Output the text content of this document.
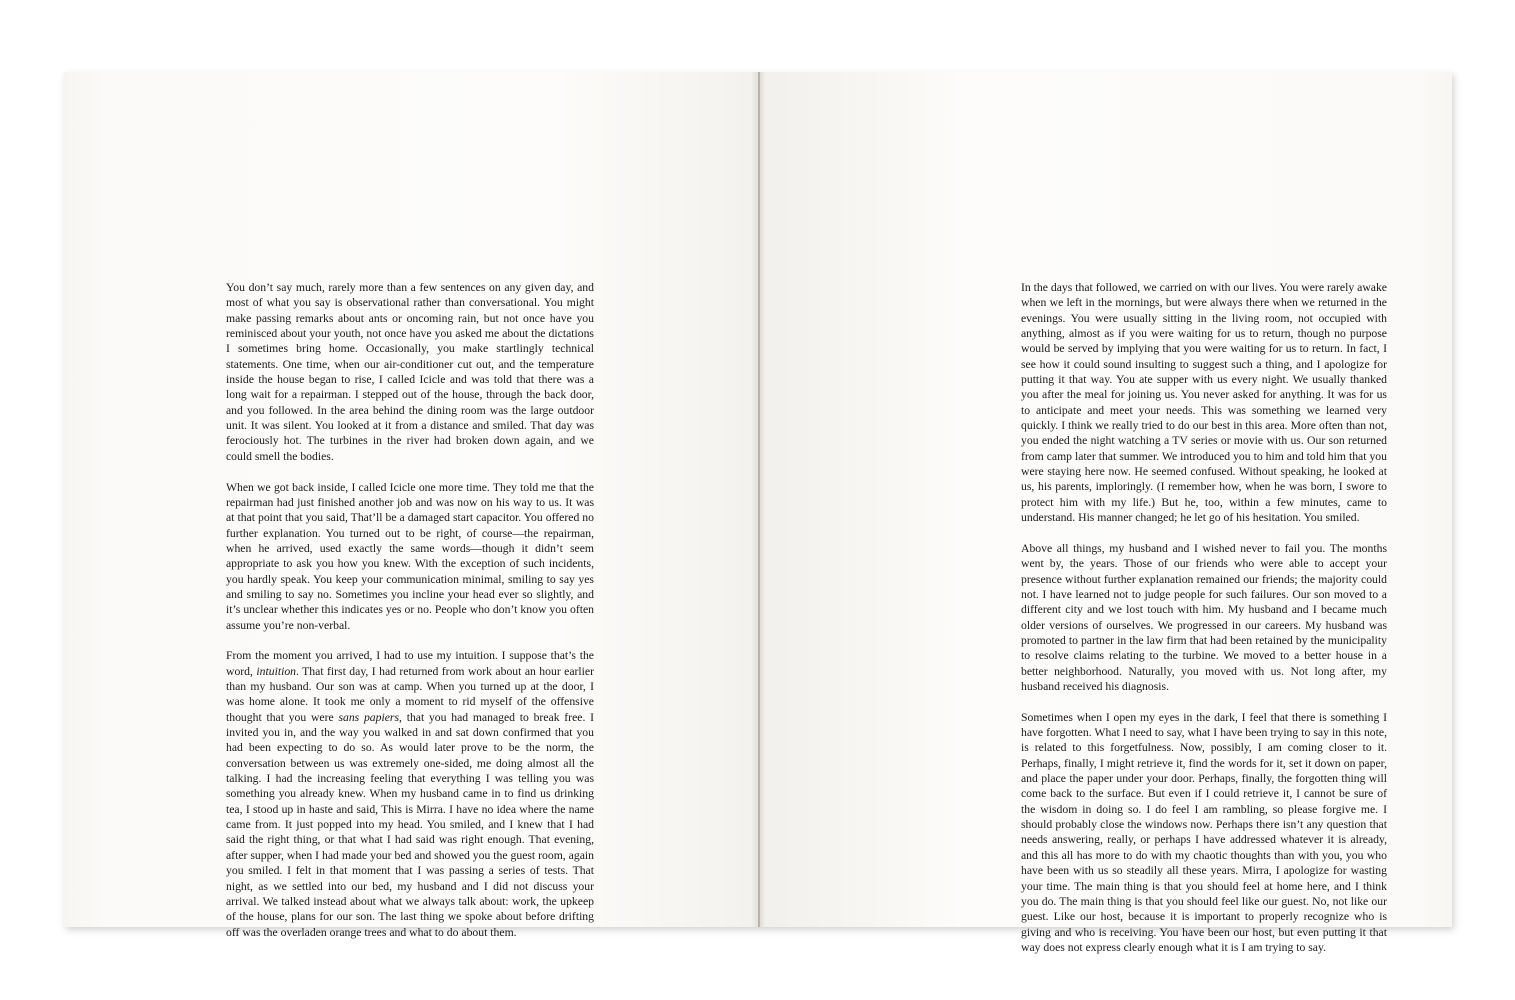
You don’t say much, rarely more than a few sentences on any given day, and most of what you say is observational rather than conversational. You might make passing remarks about ants or oncoming rain, but not once have you reminisced about your youth, not once have you asked me about the dictations I sometimes bring home. Occasionally, you make startlingly technical statements. One time, when our air-conditioner cut out, and the temperature inside the house began to rise, I called Icicle and was told that there was a long wait for a repairman. I stepped out of the house, through the back door, and you followed. In the area behind the dining room was the large outdoor unit. It was silent. You looked at it from a distance and smiled. That day was ferociously hot. The turbines in the river had broken down again, and we could smell the bodies.

When we got back inside, I called Icicle one more time. They told me that the repairman had just finished another job and was now on his way to us. It was at that point that you said, That’ll be a damaged start capacitor. You offered no further explanation. You turned out to be right, of course—the repairman, when he arrived, used exactly the same words—though it didn’t seem appropriate to ask you how you knew. With the exception of such incidents, you hardly speak. You keep your communication minimal, smiling to say yes and smiling to say no. Sometimes you incline your head ever so slightly, and it’s unclear whether this indicates yes or no. People who don’t know you often assume you’re non-verbal.

From the moment you arrived, I had to use my intuition. I suppose that’s the word, intuition. That first day, I had returned from work about an hour earlier than my husband. Our son was at camp. When you turned up at the door, I was home alone. It took me only a moment to rid myself of the offensive thought that you were sans papiers, that you had managed to break free. I invited you in, and the way you walked in and sat down confirmed that you had been expecting to do so. As would later prove to be the norm, the conversation between us was extremely one-sided, me doing almost all the talking. I had the increasing feeling that everything I was telling you was something you already knew. When my husband came in to find us drinking tea, I stood up in haste and said, This is Mirra. I have no idea where the name came from. It just popped into my head. You smiled, and I knew that I had said the right thing, or that what I had said was right enough. That evening, after supper, when I had made your bed and showed you the guest room, again you smiled. I felt in that moment that I was passing a series of tests. That night, as we settled into our bed, my husband and I did not discuss your arrival. We talked instead about what we always talk about: work, the upkeep of the house, plans for our son. The last thing we spoke about before drifting off was the overladen orange trees and what to do about them.

In the days that followed, we carried on with our lives. You were rarely awake when we left in the mornings, but were always there when we returned in the evenings. You were usually sitting in the living room, not occupied with anything, almost as if you were waiting for us to return, though no purpose would be served by implying that you were waiting for us to return. In fact, I see how it could sound insulting to suggest such a thing, and I apologize for putting it that way. You ate supper with us every night. We usually thanked you after the meal for joining us. You never asked for anything. It was for us to anticipate and meet your needs. This was something we learned very quickly. I think we really tried to do our best in this area. More often than not, you ended the night watching a TV series or movie with us. Our son returned from camp later that summer. We introduced you to him and told him that you were staying here now. He seemed confused. Without speaking, he looked at us, his parents, imploringly. (I remember how, when he was born, I swore to protect him with my life.) But he, too, within a few minutes, came to understand. His manner changed; he let go of his hesitation. You smiled.

Above all things, my husband and I wished never to fail you. The months went by, the years. Those of our friends who were able to accept your presence without further explanation remained our friends; the majority could not. I have learned not to judge people for such failures. Our son moved to a different city and we lost touch with him. My husband and I became much older versions of ourselves. We progressed in our careers. My husband was promoted to partner in the law firm that had been retained by the municipality to resolve claims relating to the turbine. We moved to a better house in a better neighborhood. Naturally, you moved with us. Not long after, my husband received his diagnosis.

Sometimes when I open my eyes in the dark, I feel that there is something I have forgotten. What I need to say, what I have been trying to say in this note, is related to this forgetfulness. Now, possibly, I am coming closer to it. Perhaps, finally, I might retrieve it, find the words for it, set it down on paper, and place the paper under your door. Perhaps, finally, the forgotten thing will come back to the surface. But even if I could retrieve it, I cannot be sure of the wisdom in doing so. I do feel I am rambling, so please forgive me. I should probably close the windows now. Perhaps there isn’t any question that needs answering, really, or perhaps I have addressed whatever it is already, and this all has more to do with my chaotic thoughts than with you, you who have been with us so steadily all these years. Mirra, I apologize for wasting your time. The main thing is that you should feel at home here, and I think you do. The main thing is that you should feel like our guest. No, not like our guest. Like our host, because it is important to properly recognize who is giving and who is receiving. You have been our host, but even putting it that way does not express clearly enough what it is I am trying to say.
